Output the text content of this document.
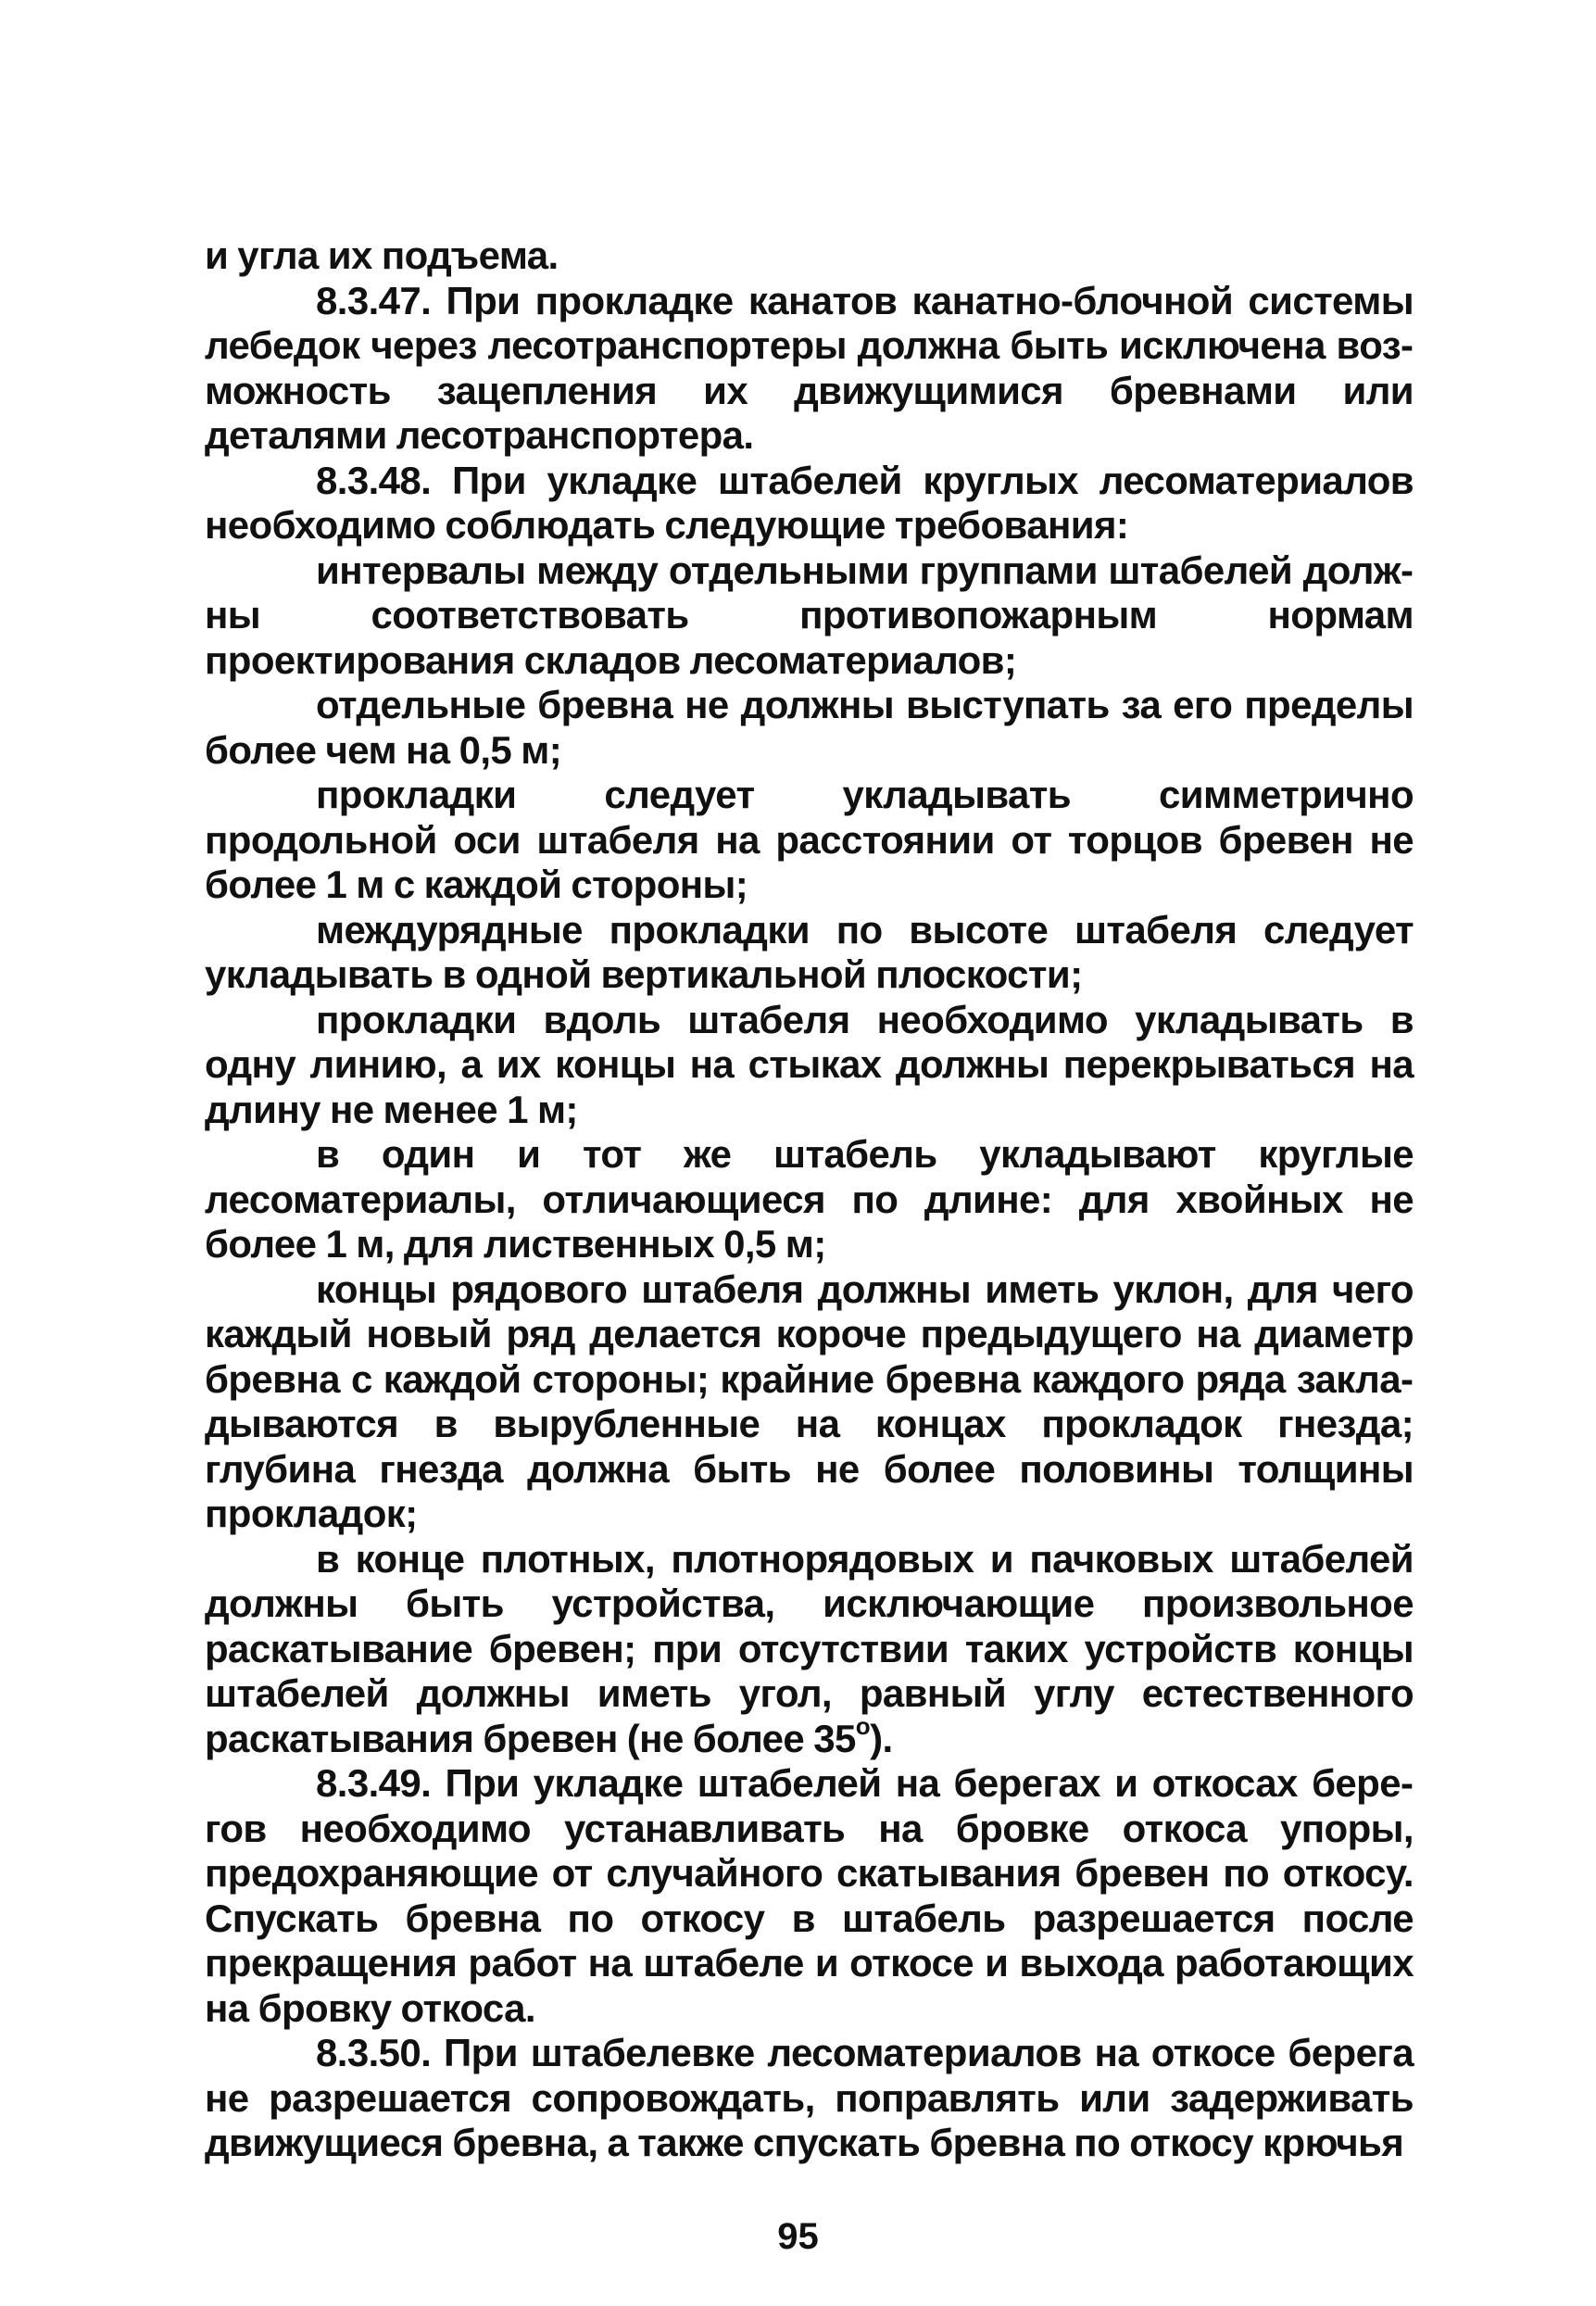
и угла их подъема.

8.3.47. При прокладке канатов канатно-блочной системы лебедок через лесотранспортеры должна быть исключена возможность зацепления их движущимися бревнами или деталями лесотранспортера.

8.3.48. При укладке штабелей круглых лесоматериалов необходимо соблюдать следующие требования:

интервалы между отдельными группами штабелей должны соответствовать противопожарным нормам проектирования складов лесоматериалов;

отдельные бревна не должны выступать за его пределы более чем на 0,5 м;

прокладки следует укладывать симметрично продольной оси штабеля на расстоянии от торцов бревен не более 1 м с каждой стороны;

междурядные прокладки по высоте штабеля следует укладывать в одной вертикальной плоскости;

прокладки вдоль штабеля необходимо укладывать в одну линию, а их концы на стыках должны перекрываться на длину не менее 1 м;

в один и тот же штабель укладывают круглые лесоматериалы, отличающиеся по длине: для хвойных не более 1 м, для лиственных 0,5 м;

концы рядового штабеля должны иметь уклон, для чего каждый новый ряд делается короче предыдущего на диаметр бревна с каждой стороны; крайние бревна каждого ряда закладываются в вырубленные на концах прокладок гнезда; глубина гнезда должна быть не более половины толщины прокладок;

в конце плотных, плотнорядовых и пачковых штабелей должны быть устройства, исключающие произвольное раскатывание бревен; при отсутствии таких устройств концы штабелей должны иметь угол, равный углу естественного раскатывания бревен (не более $35^о$).

8.3.49. При укладке штабелей на берегах и откосах берегов необходимо устанавливать на бровке откоса упоры, предохраняющие от случайного скатывания бревен по откосу. Спускать бревна по откосу в штабель разрешается после прекращения работ на штабеле и откосе и выхода работающих на бровку откоса.

8.3.50. При штабелевке лесоматериалов на откосе берега не разрешается сопровождать, поправлять или задерживать движущиеся бревна, а также спускать бревна по откосу крючья

95
